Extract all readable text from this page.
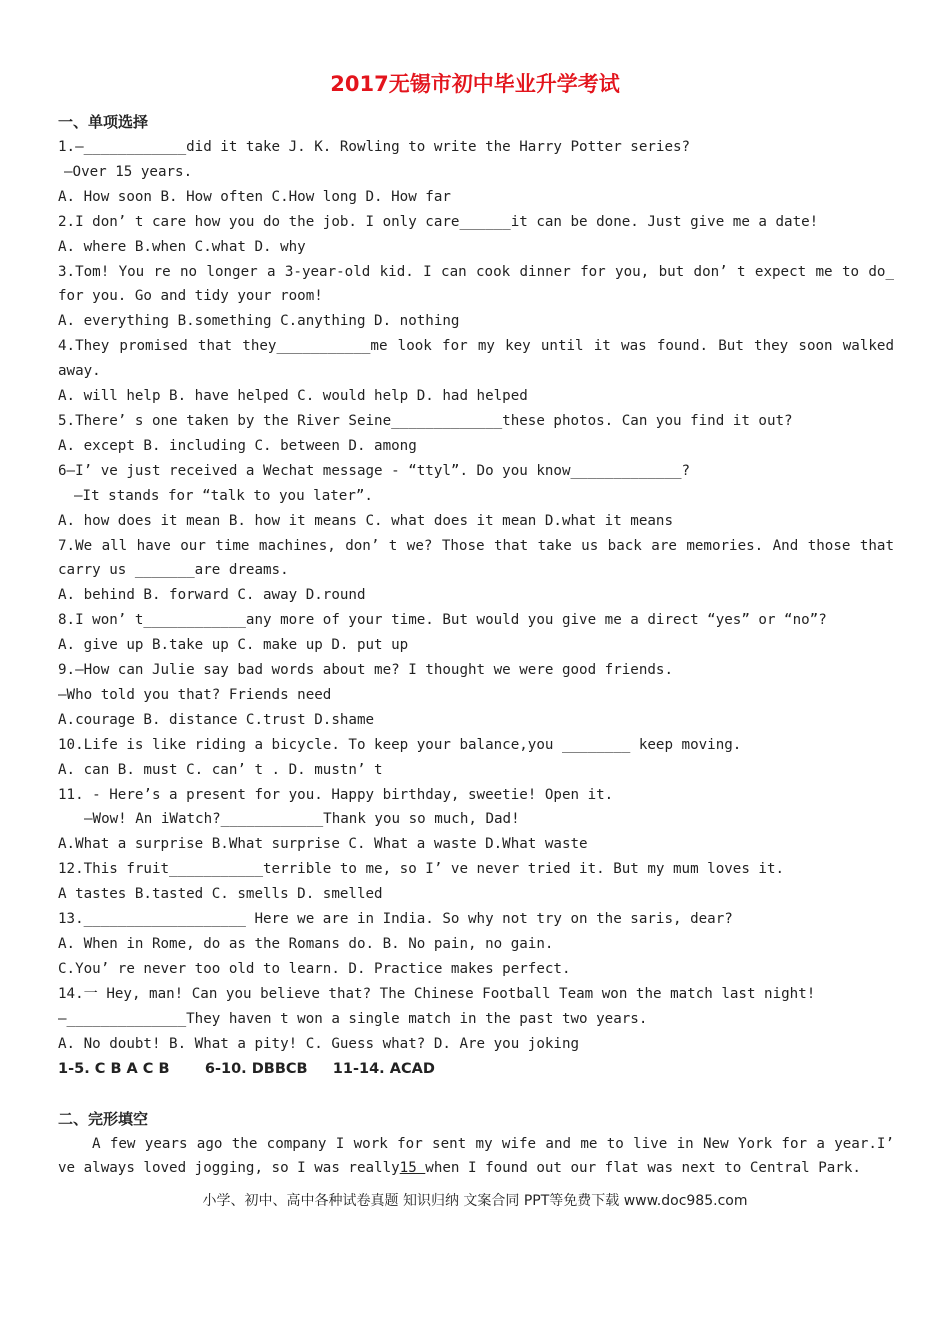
2017无锡市初中毕业升学考试
一、单项选择
1.—____________did it take J. K. Rowling to write the Harry Potter series?
—Over 15 years.
A. How soon B. How often C.How long D. How far
2.I don’ t care how you do the job. I only care______it can be done. Just give me a date!
A. where B.when C.what D. why
3.Tom! You re no longer a 3-year-old kid. I can cook dinner for you, but don’ t expect me to do_ for you. Go and tidy your room!
A. everything B.something C.anything D. nothing
4.They promised that they___________me look for my key until it was found. But they soon walked away.
A. will help B. have helped C. would help D. had helped
5.There’ s one taken by the River Seine_____________these photos. Can you find it out?
A. except B. including C. between D. among
6—I’ ve just received a Wechat message - “ttyl”. Do you know_____________?
—It stands for “talk to you later”.
A. how does it mean B. how it means C. what does it mean D.what it means
7.We all have our time machines, don’ t we? Those that take us back are memories. And those that carry us _______are dreams.
A. behind B. forward C. away D.round
8.I won’ t____________any more of your time. But would you give me a direct “yes” or “no”?
A. give up B.take up C. make up D. put up
9.—How can Julie say bad words about me? I thought we were good friends.
—Who told you that? Friends need
A.courage B. distance C.trust D.shame
10.Life is like riding a bicycle. To keep your balance,you ________ keep moving.
A. can B. must C. can’ t . D. mustn’ t
11. - Here’s a present for you. Happy birthday, sweetie! Open it.
—Wow! An iWatch?____________Thank you so much, Dad!
A.What a surprise B.What surprise C. What a waste D.What waste
12.This fruit___________terrible to me, so I’ ve never tried it. But my mum loves it.
A tastes B.tasted C. smells D. smelled
13.___________________ Here we are in India. So why not try on the saris, dear?
A. When in Rome, do as the Romans do. B. No pain, no gain.
C.You’ re never too old to learn. D. Practice makes perfect.
14.一 Hey, man! Can you believe that? The Chinese Football Team won the match last night!
—______________They haven t won a single match in the past two years.
A. No doubt! B. What a pity! C. Guess what? D. Are you joking
1-5. C B A C B       6-10. DBBCB     11-14. ACAD
二、完形填空
A few years ago the company I work for sent my wife and me to live in New York for a year.I’ ve always loved jogging, so I was really15 when I found out our flat was next to Central Park.
小学、初中、高中各种试卷真题 知识归纳 文案合同 PPT等免费下载 www.doc985.com
